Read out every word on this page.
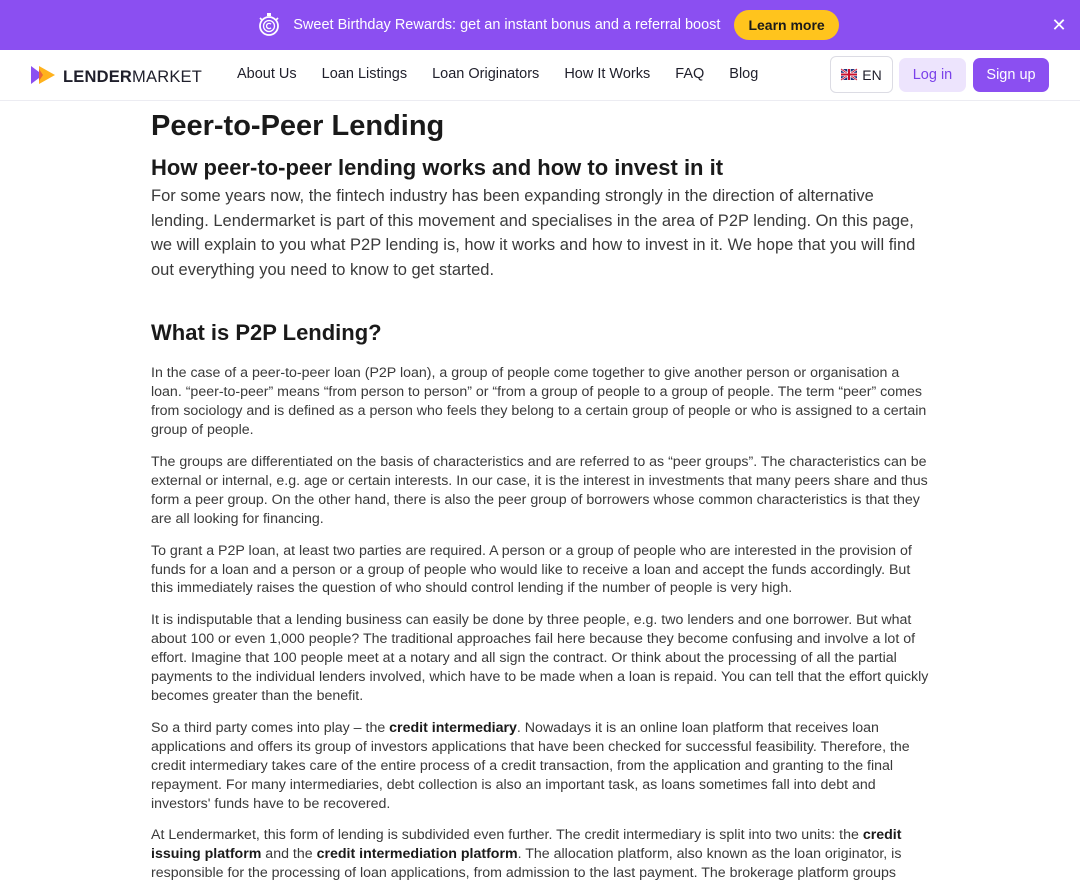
Sweet Birthday Rewards: get an instant bonus and a referral boost	Learn more	✕
LENDERMARKET About Us Loan Listings Loan Originators How It Works FAQ Blog	EN	Log in	Sign up
Peer-to-Peer Lending
How peer-to-peer lending works and how to invest in it

For some years now, the fintech industry has been expanding strongly in the direction of alternative lending. Lendermarket is part of this movement and specialises in the area of P2P lending. On this page, we will explain to you what P2P lending is, how it works and how to invest in it. We hope that you will find out everything you need to know to get started.

What is P2P Lending?

In the case of a peer-to-peer loan (P2P loan), a group of people come together to give another person or organisation a loan. “peer-to-peer” means “from person to person” or “from a group of people to a group of people. The term “peer” comes from sociology and is defined as a person who feels they belong to a certain group of people or who is assigned to a certain group of people.

The groups are differentiated on the basis of characteristics and are referred to as “peer groups”. The characteristics can be external or internal, e.g. age or certain interests. In our case, it is the interest in investments that many peers share and thus form a peer group. On the other hand, there is also the peer group of borrowers whose common characteristics is that they are all looking for financing.

To grant a P2P loan, at least two parties are required. A person or a group of people who are interested in the provision of funds for a loan and a person or a group of people who would like to receive a loan and accept the funds accordingly. But this immediately raises the question of who should control lending if the number of people is very high.

It is indisputable that a lending business can easily be done by three people, e.g. two lenders and one borrower. But what about 100 or even 1,000 people? The traditional approaches fail here because they become confusing and involve a lot of effort. Imagine that 100 people meet at a notary and all sign the contract. Or think about the processing of all the partial payments to the individual lenders involved, which have to be made when a loan is repaid. You can tell that the effort quickly becomes greater than the benefit.

So a third party comes into play – the credit intermediary. Nowadays it is an online loan platform that receives loan applications and offers its group of investors applications that have been checked for successful feasibility. Therefore, the credit intermediary takes care of the entire process of a credit transaction, from the application and granting to the final repayment. For many intermediaries, debt collection is also an important task, as loans sometimes fall into debt and investors' funds have to be recovered.

At Lendermarket, this form of lending is subdivided even further. The credit intermediary is split into two units: the credit issuing platform and the credit intermediation platform. The allocation platform, also known as the loan originator, is responsible for the processing of loan applications, from admission to the last payment. The brokerage platform groups
